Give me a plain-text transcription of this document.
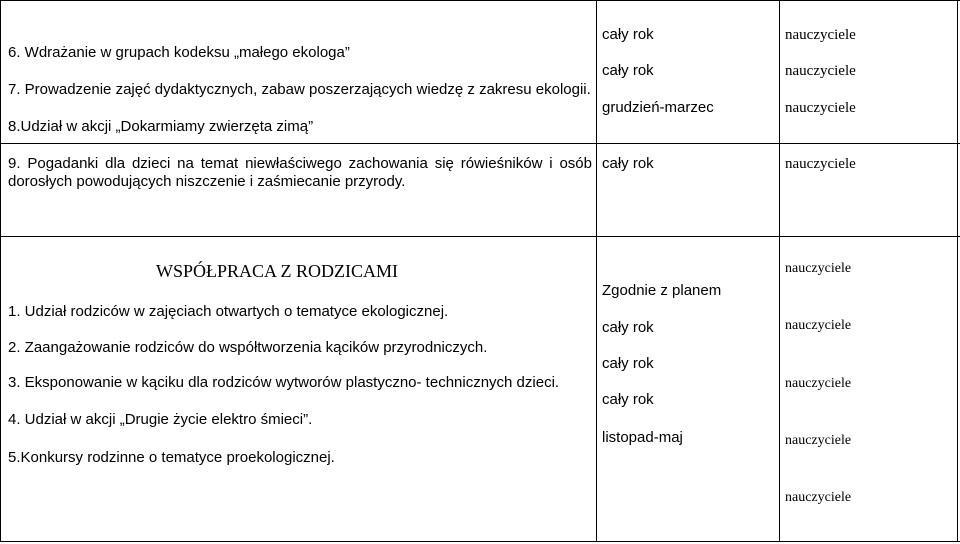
6. Wdrażanie w grupach kodeksu „małego ekologa”
7. Prowadzenie zajęć dydaktycznych, zabaw poszerzających wiedzę z zakresu ekologii.
8.Udział w akcji „Dokarmiamy zwierzęta zimą”
9. Pogadanki dla dzieci na temat niewłaściwego zachowania się rówieśników i osób dorosłych powodujących niszczenie i zaśmiecanie przyrody.
cały rok
cały rok
grudzień-marzec
cały rok
nauczyciele
nauczyciele
nauczyciele
nauczyciele
WSPÓŁPRACA Z RODZICAMI
1. Udział rodziców w zajęciach otwartych o tematyce ekologicznej.
2. Zaangażowanie rodziców do współtworzenia kącików przyrodniczych.
3. Eksponowanie w kąciku dla rodziców wytworów plastyczno- technicznych dzieci.
4. Udział w akcji „Drugie życie elektro śmieci”.
5.Konkursy rodzinne o tematyce proekologicznej.
Zgodnie z planem
cały rok
cały rok
cały rok
listopad-maj
nauczyciele
nauczyciele
nauczyciele
nauczyciele
nauczyciele
